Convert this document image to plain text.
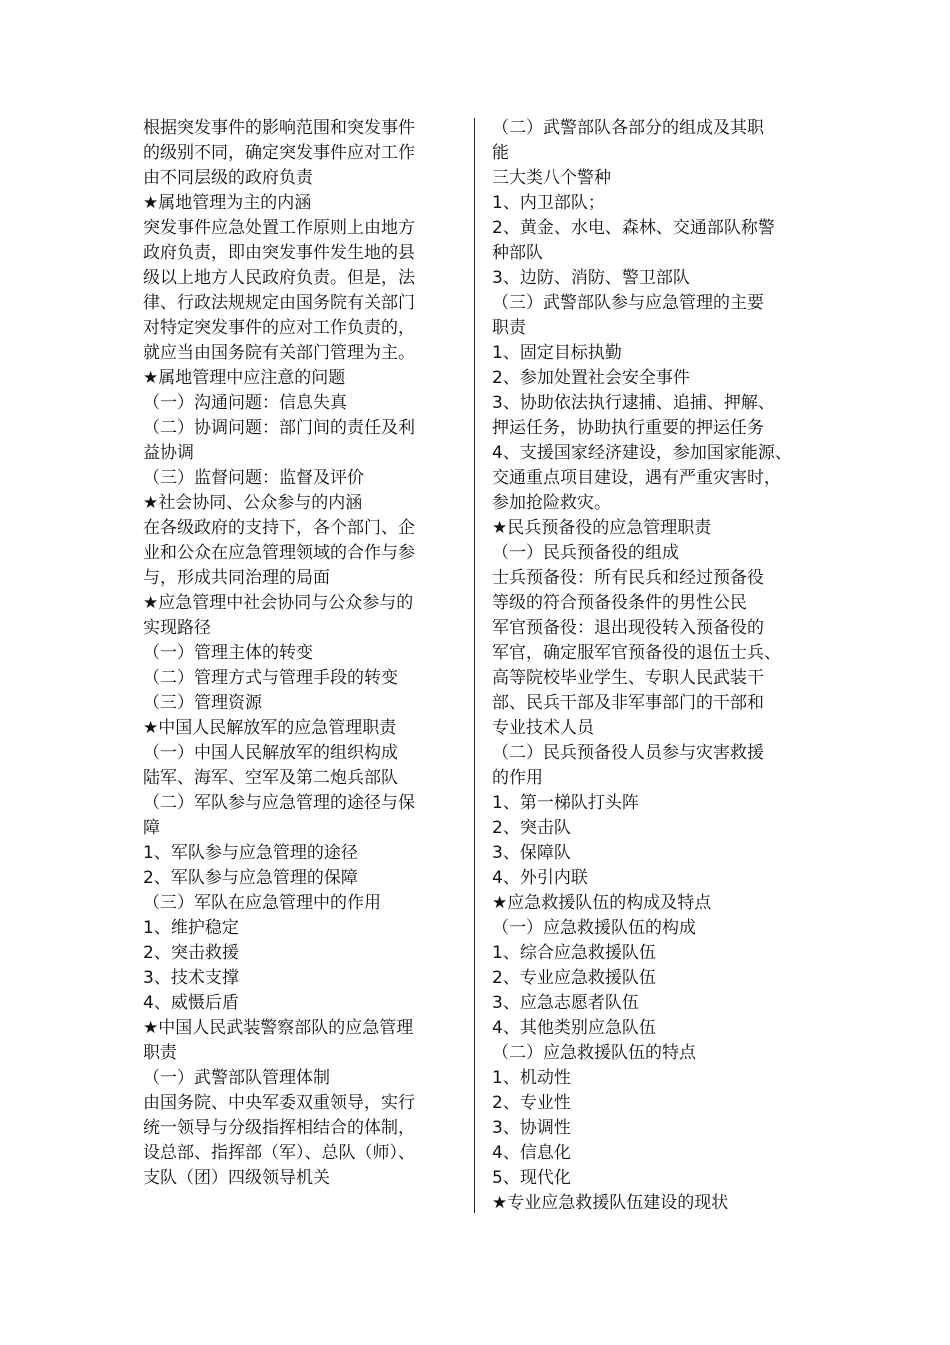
根据突发事件的影响范围和突发事件

的级别不同，确定突发事件应对工作

由不同层级的政府负责

★属地管理为主的内涵

突发事件应急处置工作原则上由地方

政府负责，即由突发事件发生地的县

级以上地方人民政府负责。但是，法

律、行政法规规定由国务院有关部门

对特定突发事件的应对工作负责的，

就应当由国务院有关部门管理为主。

★属地管理中应注意的问题

（一）沟通问题：信息失真

（二）协调问题：部门间的责任及利

益协调

（三）监督问题：监督及评价

★社会协同、公众参与的内涵

在各级政府的支持下，各个部门、企

业和公众在应急管理领域的合作与参

与，形成共同治理的局面

★应急管理中社会协同与公众参与的

实现路径

（一）管理主体的转变

（二）管理方式与管理手段的转变

（三）管理资源

★中国人民解放军的应急管理职责

（一）中国人民解放军的组织构成

陆军、海军、空军及第二炮兵部队

（二）军队参与应急管理的途径与保

障

1、军队参与应急管理的途径

2、军队参与应急管理的保障

（三）军队在应急管理中的作用

1、维护稳定

2、突击救援

3、技术支撑

4、威慑后盾

★中国人民武装警察部队的应急管理

职责

（一）武警部队管理体制

由国务院、中央军委双重领导，实行

统一领导与分级指挥相结合的体制，

设总部、指挥部（军）、总队（师）、

支队（团）四级领导机关

（二）武警部队各部分的组成及其职

能

三大类八个警种

1、内卫部队；

2、黄金、水电、森林、交通部队称警

种部队

3、边防、消防、警卫部队

（三）武警部队参与应急管理的主要

职责

1、固定目标执勤

2、参加处置社会安全事件

3、协助依法执行逮捕、追捕、押解、

押运任务，协助执行重要的押运任务

4、支援国家经济建设，参加国家能源、

交通重点项目建设，遇有严重灾害时，

参加抢险救灾。

★民兵预备役的应急管理职责

（一）民兵预备役的组成

士兵预备役：所有民兵和经过预备役

等级的符合预备役条件的男性公民

军官预备役：退出现役转入预备役的

军官，确定服军官预备役的退伍士兵、

高等院校毕业学生、专职人民武装干

部、民兵干部及非军事部门的干部和

专业技术人员

（二）民兵预备役人员参与灾害救援

的作用

1、第一梯队打头阵

2、突击队

3、保障队

4、外引内联

★应急救援队伍的构成及特点

（一）应急救援队伍的构成

1、综合应急救援队伍

2、专业应急救援队伍

3、应急志愿者队伍

4、其他类别应急队伍

（二）应急救援队伍的特点

1、机动性

2、专业性

3、协调性

4、信息化

5、现代化

★专业应急救援队伍建设的现状
